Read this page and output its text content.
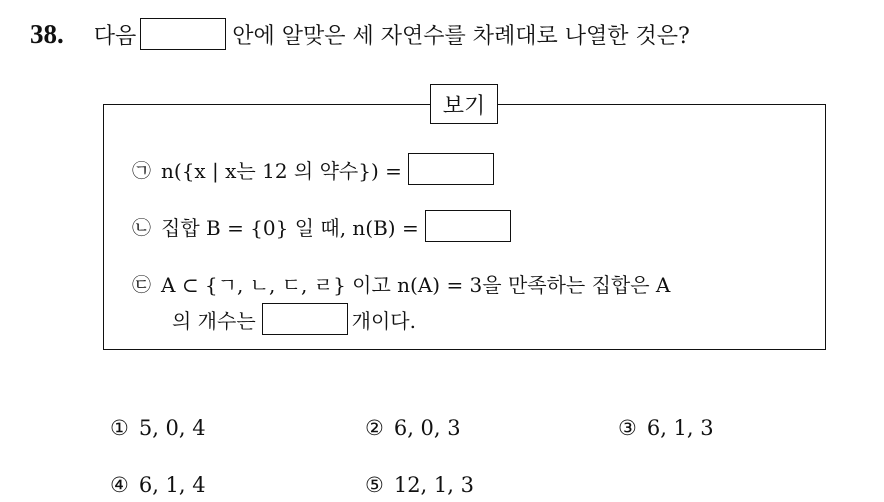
38. 다음	안에 알맞은 세 자연수를 차례대로 나열한 것은?
보기
㉠ n({x | x는 12 의 약수}) =
㉡ 집합 B = {0} 일 때, n(B) =
㉢ A ⊂ {ㄱ, ㄴ, ㄷ, ㄹ} 이고 n(A) = 3을 만족하는 집합은 A
의 개수는	개이다.
① 5, 0, 4	② 6, 0, 3	③ 6, 1, 3
④ 6, 1, 4	⑤ 12, 1, 3
